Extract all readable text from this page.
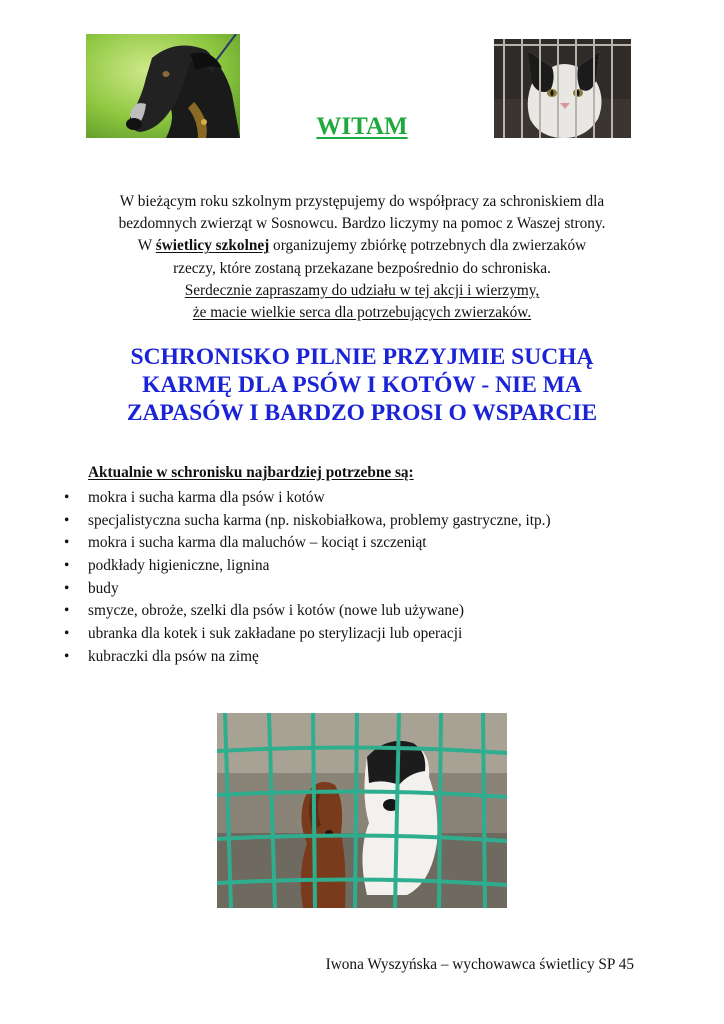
WITAM
W bieżącym roku szkolnym przystępujemy do współpracy za schroniskiem dla
bezdomnych zwierząt w Sosnowcu. Bardzo liczymy na pomoc z Waszej strony.
W świetlicy szkolnej organizujemy zbiórkę potrzebnych dla zwierzaków
rzeczy, które zostaną przekazane bezpośrednio do schroniska.
Serdecznie zapraszamy do udziału w tej akcji i wierzymy,
że macie wielkie serca dla potrzebujących zwierzaków.
SCHRONISKO PILNIE PRZYJMIE SUCHĄ
KARMĘ DLA PSÓW I KOTÓW - NIE MA
ZAPASÓW I BARDZO PROSI O WSPARCIE
Aktualnie w schronisku najbardziej potrzebne są:
• mokra i sucha karma dla psów i kotów
• specjalistyczna sucha karma (np. niskobiałkowa, problemy gastryczne, itp.)
• mokra i sucha karma dla maluchów – kociąt i szczeniąt
• podkłady higieniczne, lignina
• budy
• smycze, obroże, szelki dla psów i kotów (nowe lub używane)
• ubranka dla kotek i suk zakładane po sterylizacji lub operacji
• kubraczki dla psów na zimę
Iwona Wyszyńska – wychowawca świetlicy SP 45
